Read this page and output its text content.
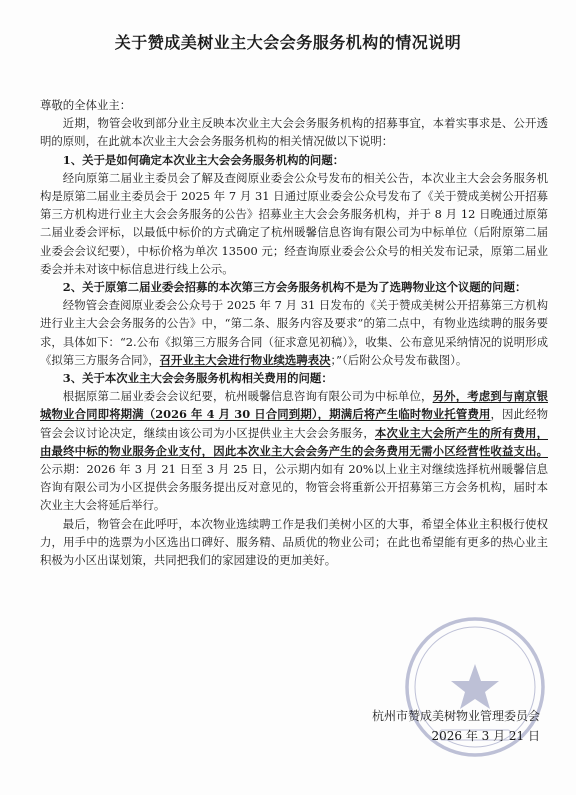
关于赞成美树业主大会会务服务机构的情况说明

尊敬的全体业主：

近期，物管会收到部分业主反映本次业主大会会务服务机构的招募事宜，本着实事求是、公开透明的原则，在此就本次业主大会会务服务机构的相关情况做以下说明：

1、关于是如何确定本次业主大会会务服务机构的问题：

经向原第二届业主委员会了解及查阅原业委会公众号发布的相关公告，本次业主大会会务服务机构是原第二届业主委员会于 2025 年 7 月 31 日通过原业委会公众号发布了《关于赞成美树公开招募第三方机构进行业主大会会务服务的公告》招募业主大会会务服务机构，并于 8 月 12 日晚通过原第二届业委会评标，以最低中标价的方式确定了杭州暖馨信息咨询有限公司为中标单位（后附原第二届业委会会议纪要），中标价格为单次 13500 元；经查询原业委会公众号的相关发布记录，原第二届业委会并未对该中标信息进行线上公示。

2、关于原第二届业委会招募的本次第三方会务服务机构不是为了选聘物业这个议题的问题：

经物管会查阅原业委会公众号于 2025 年 7 月 31 日发布的《关于赞成美树公开招募第三方机构进行业主大会会务服务的公告》中，“第二条、服务内容及要求”的第二点中，有物业选续聘的服务要求，具体如下：“2.公布《拟第三方服务合同（征求意见初稿）》，收集、公布意见采纳情况的说明形成《拟第三方服务合同》，召开业主大会进行物业续选聘表决；”（后附公众号发布截图）。

3、关于本次业主大会会务服务机构相关费用的问题：

根据原第二届业委会会议纪要，杭州暖馨信息咨询有限公司为中标单位，另外，考虑到与南京银城物业合同即将期满（2026 年 4 月 30 日合同到期），期满后将产生临时物业托管费用，因此经物管会会议讨论决定，继续由该公司为小区提供业主大会会务服务，本次业主大会所产生的所有费用，由最终中标的物业服务企业支付，因此本次业主大会会务产生的会务费用无需小区经营性收益支出。公示期：2026 年 3 月 21 日至 3 月 25 日，公示期内如有 20%以上业主对继续选择杭州暖馨信息咨询有限公司为小区提供会务服务提出反对意见的，物管会将重新公开招募第三方会务机构，届时本次业主大会将延后举行。

最后，物管会在此呼吁，本次物业选续聘工作是我们美树小区的大事，希望全体业主积极行使权力，用手中的选票为小区选出口碑好、服务精、品质优的物业公司；在此也希望能有更多的热心业主积极为小区出谋划策，共同把我们的家园建设的更加美好。

杭州市赞成美树物业管理委员会
2026 年 3 月 21 日
